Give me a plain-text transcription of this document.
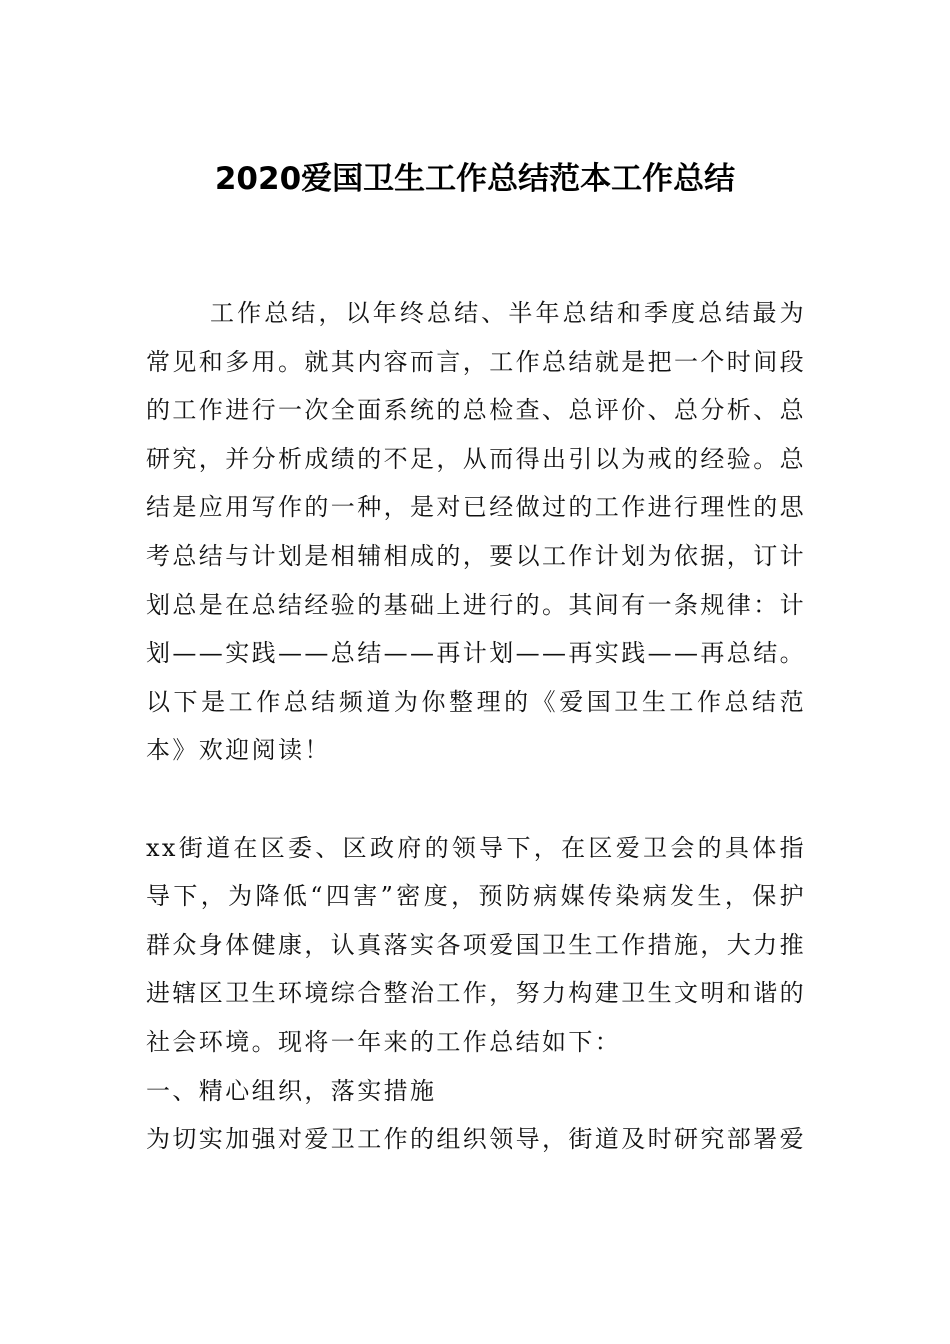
2020爱国卫生工作总结范本工作总结

工作总结，以年终总结、半年总结和季度总结最为常见和多用。就其内容而言，工作总结就是把一个时间段的工作进行一次全面系统的总检查、总评价、总分析、总研究，并分析成绩的不足，从而得出引以为戒的经验。总结是应用写作的一种，是对已经做过的工作进行理性的思考总结与计划是相辅相成的，要以工作计划为依据，订计划总是在总结经验的基础上进行的。其间有一条规律：计划——实践——总结——再计划——再实践——再总结。以下是工作总结频道为你整理的《爱国卫生工作总结范本》欢迎阅读！

xx街道在区委、区政府的领导下，在区爱卫会的具体指导下，为降低“四害”密度，预防病媒传染病发生，保护群众身体健康，认真落实各项爱国卫生工作措施，大力推进辖区卫生环境综合整治工作，努力构建卫生文明和谐的社会环境。现将一年来的工作总结如下：

一、精心组织，落实措施

为切实加强对爱卫工作的组织领导，街道及时研究部署爱
